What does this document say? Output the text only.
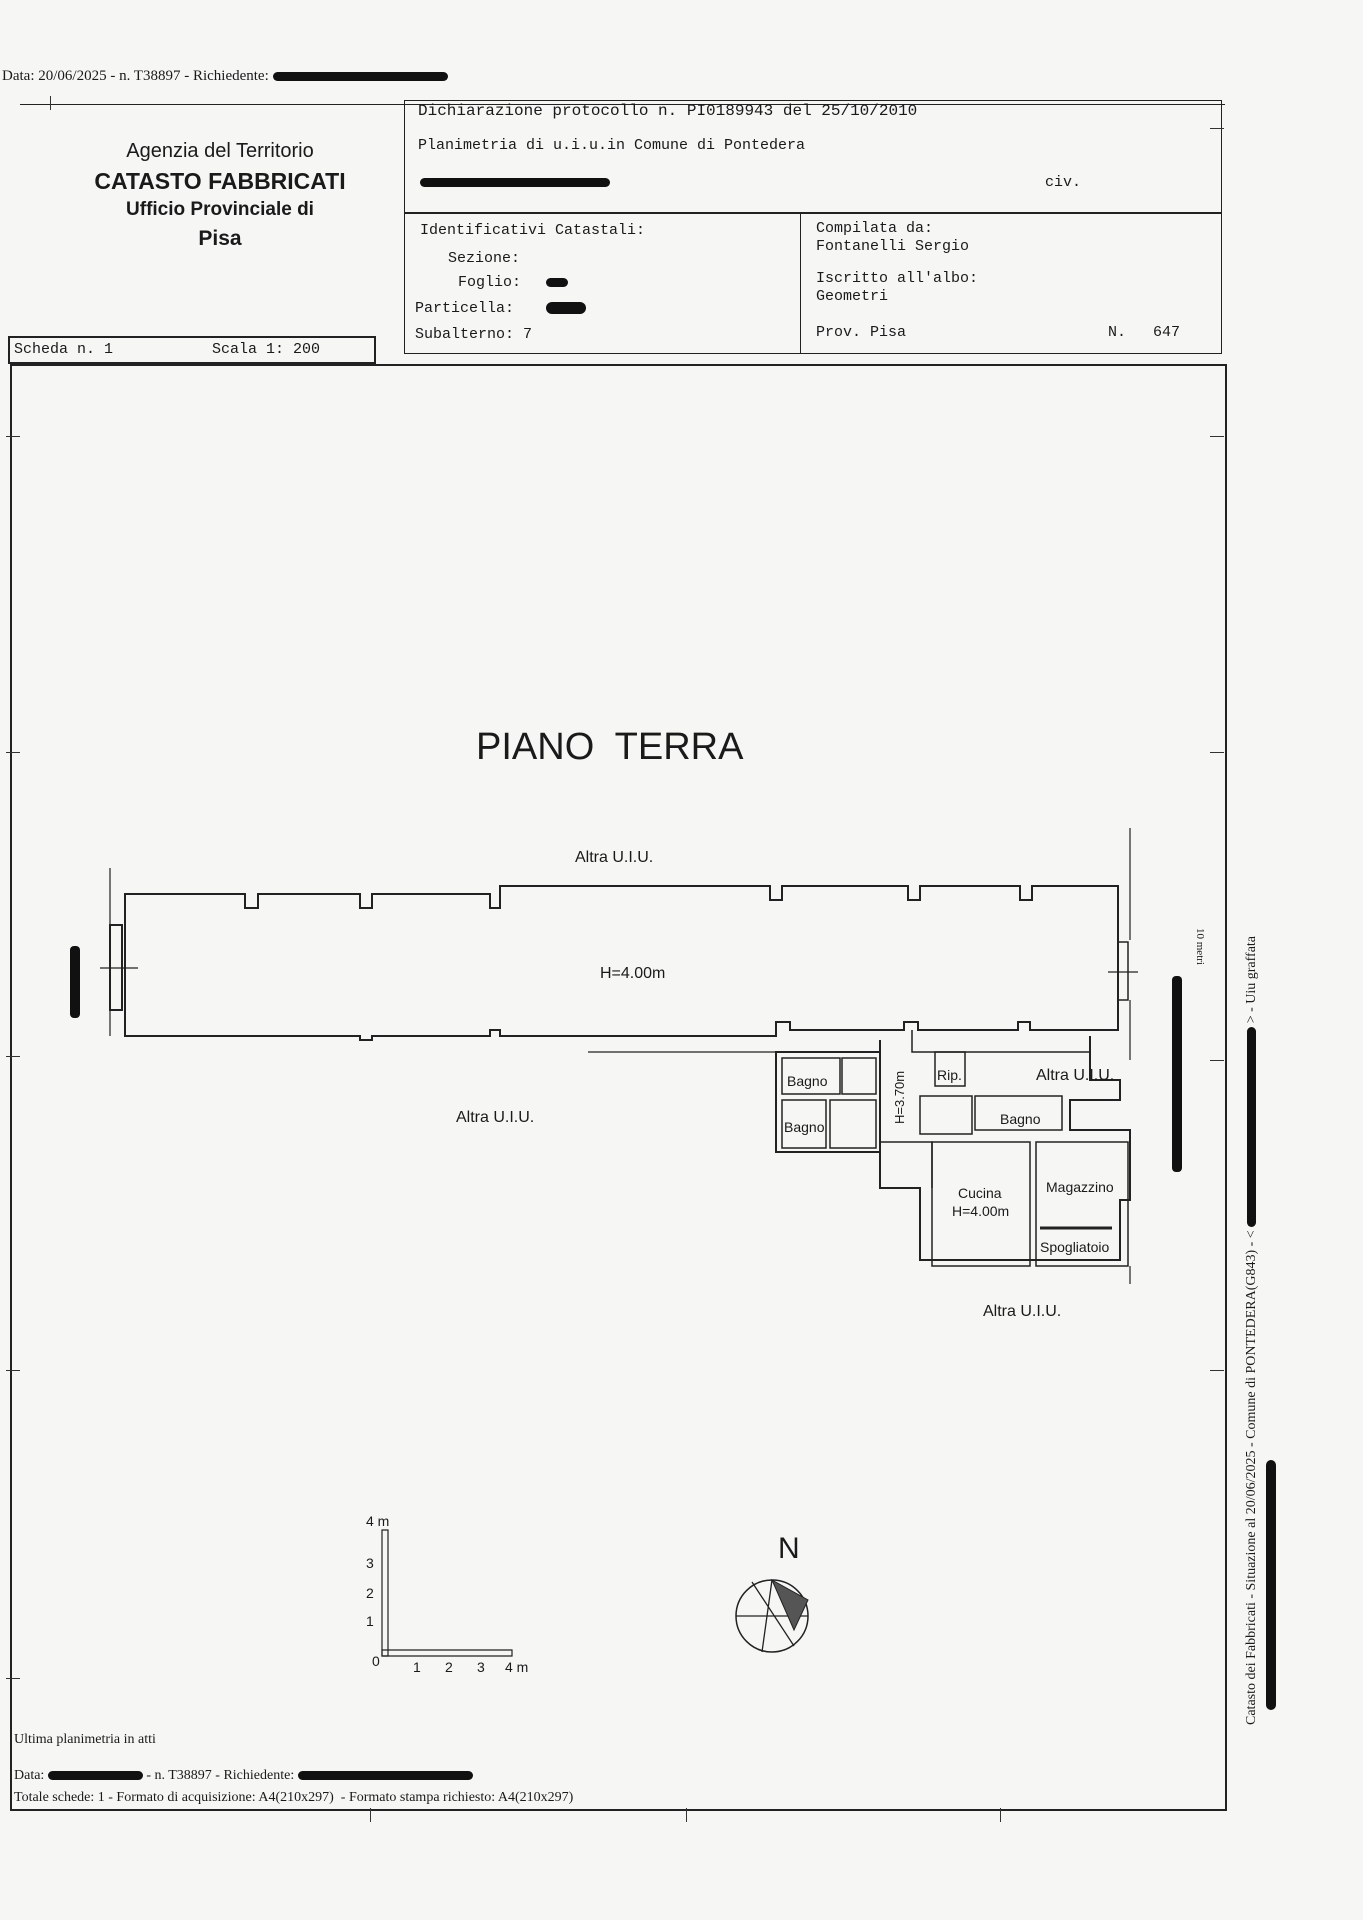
Data: 20/06/2025 - n. T38897 - Richiedente:
Agenzia del Territorio
CATASTO FABBRICATI
Ufficio Provinciale di
Pisa
Dichiarazione protocollo n. PI0189943 del 25/10/2010
Planimetria di u.i.u.in Comune di Pontedera
civ.
Identificativi Catastali:
Sezione:
Foglio:
Particella:
Subalterno: 7
Compilata da:
Fontanelli Sergio
Iscritto all'albo:
Geometri
Prov. Pisa	N.   647
Scheda n. 1	Scala 1: 200
PIANO  TERRA
Altra U.I.U.
H=4.00m
Altra U.I.U.
Altra U.I.U.
Altra U.I.U.
Bagno
Bagno	Bagno
Rip.
H=3.70m
Cucina
H=4.00m
Magazzino
Spogliatoio
4 m
3
2
1
0 1 2 3 4 m
N	Catasto dei Fabbricati - Situazione al 20/06/2025 - Comune di PONTEDERA(G843) - <  > - Uiu graffata
10 metri
Ultima planimetria in atti
Data:	- n. T38897 - Richiedente:
Totale schede: 1 - Formato di acquisizione: A4(210x297)  - Formato stampa richiesto: A4(210x297)
